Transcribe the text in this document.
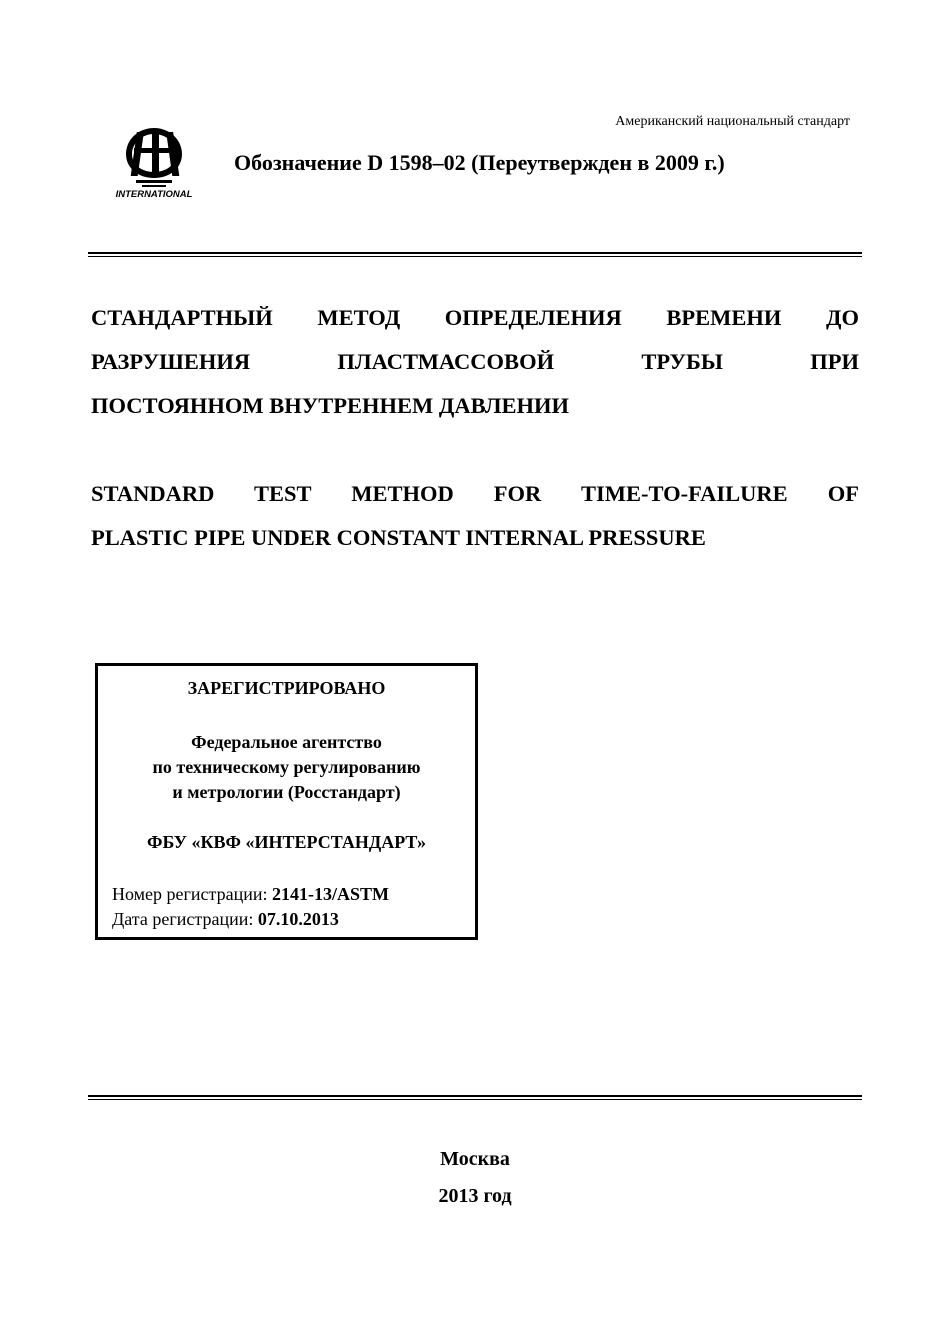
Американский национальный стандарт
INTERNATIONAL
Обозначение D 1598–02 (Переутвержден в 2009 г.)
СТАНДАРТНЫЙ МЕТОД ОПРЕДЕЛЕНИЯ ВРЕМЕНИ ДО
РАЗРУШЕНИЯ ПЛАСТМАССОВОЙ ТРУБЫ ПРИ
ПОСТОЯННОМ ВНУТРЕННЕМ ДАВЛЕНИИ
STANDARD TEST METHOD FOR TIME-TO-FAILURE OF
PLASTIC PIPE UNDER CONSTANT INTERNAL PRESSURE
ЗАРЕГИСТРИРОВАНО
Федеральное агентство
по техническому регулированию
и метрологии (Росстандарт)
ФБУ «КВФ «ИНТЕРСТАНДАРТ»
Номер регистрации: 2141-13/ASTM
Дата регистрации: 07.10.2013
Москва
2013 год
